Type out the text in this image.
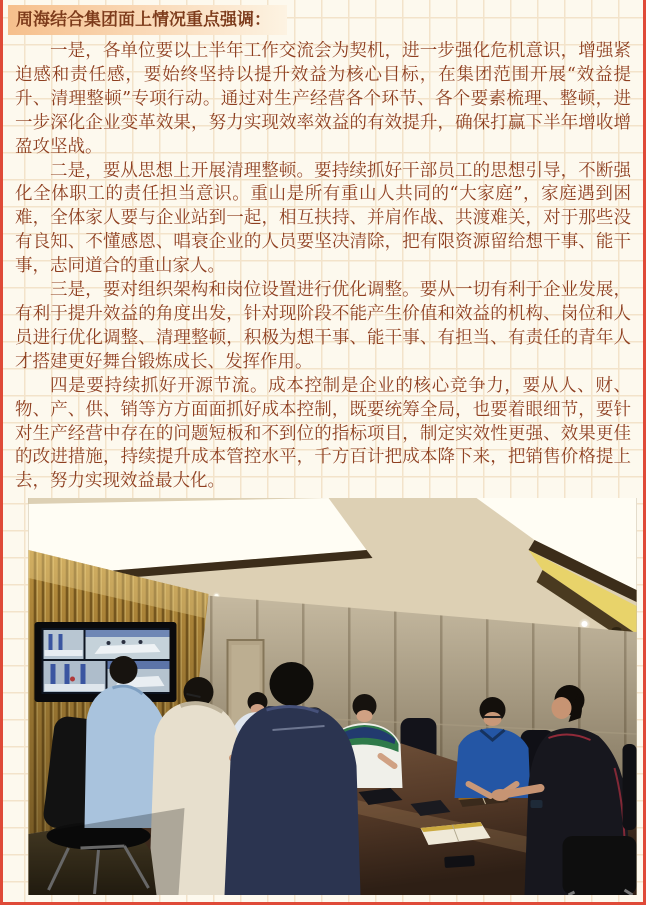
周海结合集团面上情况重点强调：

一是，各单位要以上半年工作交流会为契机，进一步强化危机意识，增强紧迫感和责任感，要始终坚持以提升效益为核心目标，在集团范围开展“效益提升、清理整顿”专项行动。通过对生产经营各个环节、各个要素梳理、整顿，进一步深化企业变革效果，努力实现效率效益的有效提升，确保打赢下半年增收增盈攻坚战。

二是，要从思想上开展清理整顿。要持续抓好干部员工的思想引导，不断强化全体职工的责任担当意识。重山是所有重山人共同的“大家庭”，家庭遇到困难，全体家人要与企业站到一起，相互扶持、并肩作战、共渡难关，对于那些没有良知、不懂感恩、唱衰企业的人员要坚决清除，把有限资源留给想干事、能干事，志同道合的重山家人。

三是，要对组织架构和岗位设置进行优化调整。要从一切有利于企业发展，有利于提升效益的角度出发，针对现阶段不能产生价值和效益的机构、岗位和人员进行优化调整、清理整顿，积极为想干事、能干事、有担当、有责任的青年人才搭建更好舞台锻炼成长、发挥作用。

四是要持续抓好开源节流。成本控制是企业的核心竞争力，要从人、财、物、产、供、销等方方面面抓好成本控制，既要统筹全局，也要着眼细节，要针对生产经营中存在的问题短板和不到位的指标项目，制定实效性更强、效果更佳的改进措施，持续提升成本管控水平，千方百计把成本降下来，把销售价格提上去，努力实现效益最大化。
